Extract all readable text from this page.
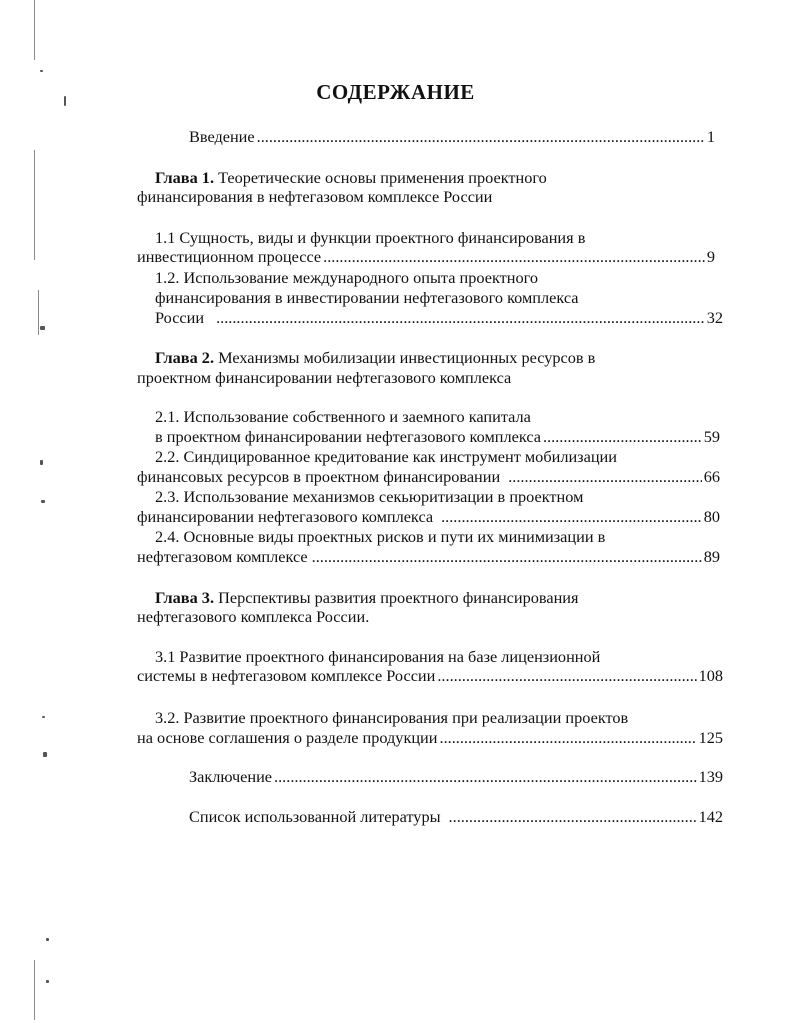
СОДЕРЖАНИЕ
Введение .....	1
Глава 1. Теоретические основы применения проектного
финансирования в нефтегазовом комплексе России
1.1 Сущность, виды и функции проектного финансирования в
инвестиционном процессе .....	9
1.2. Использование международного опыта проектного
финансирования в инвестировании нефтегазового комплекса
России .....	32
Глава 2. Механизмы мобилизации инвестиционных ресурсов в
проектном финансировании нефтегазового комплекса
2.1. Использование собственного и заемного капитала
в проектном финансировании нефтегазового комплекса .....	59
2.2. Синдицированное кредитование как инструмент мобилизации
финансовых ресурсов в проектном финансировании .....	66
2.3. Использование механизмов секьюритизации в проектном
финансировании нефтегазового комплекса .....	80
2.4. Основные виды проектных рисков и пути их минимизации в
нефтегазовом комплексе .....	89
Глава 3. Перспективы развития проектного финансирования
нефтегазового комплекса России.
3.1 Развитие проектного финансирования на базе лицензионной
системы в нефтегазовом комплексе России .....	108
3.2. Развитие проектного финансирования при реализации проектов
на основе соглашения о разделе продукции .....	125
Заключение .....	139
Список использованной литературы .....	142
